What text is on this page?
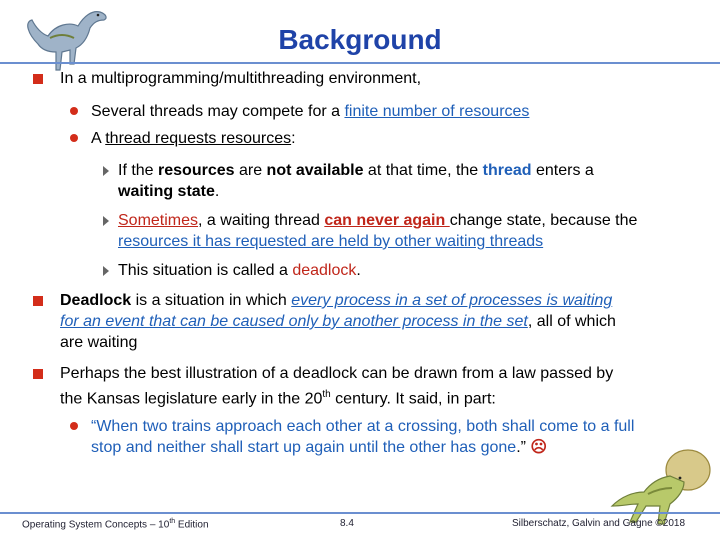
Background
In a multiprogramming/multithreading environment,
Several threads may compete for a finite number of resources
A thread requests resources:
If the resources are not available at that time, the thread enters a
waiting state.
Sometimes, a waiting thread can never again change state, because the
resources it has requested are held by other waiting threads
This situation is called a deadlock.
Deadlock is a situation in which every process in a set of processes is waiting
for an event that can be caused only by another process in the set, all of which
are waiting
Perhaps the best illustration of a deadlock can be drawn from a law passed by
the Kansas legislature early in the 20th century. It said, in part:
“When two trains approach each other at a crossing, both shall come to a full
stop and neither shall start up again until the other has gone.” ☹
Operating System Concepts – 10th Edition	8.4	Silberschatz, Galvin and Gagne ©2018
